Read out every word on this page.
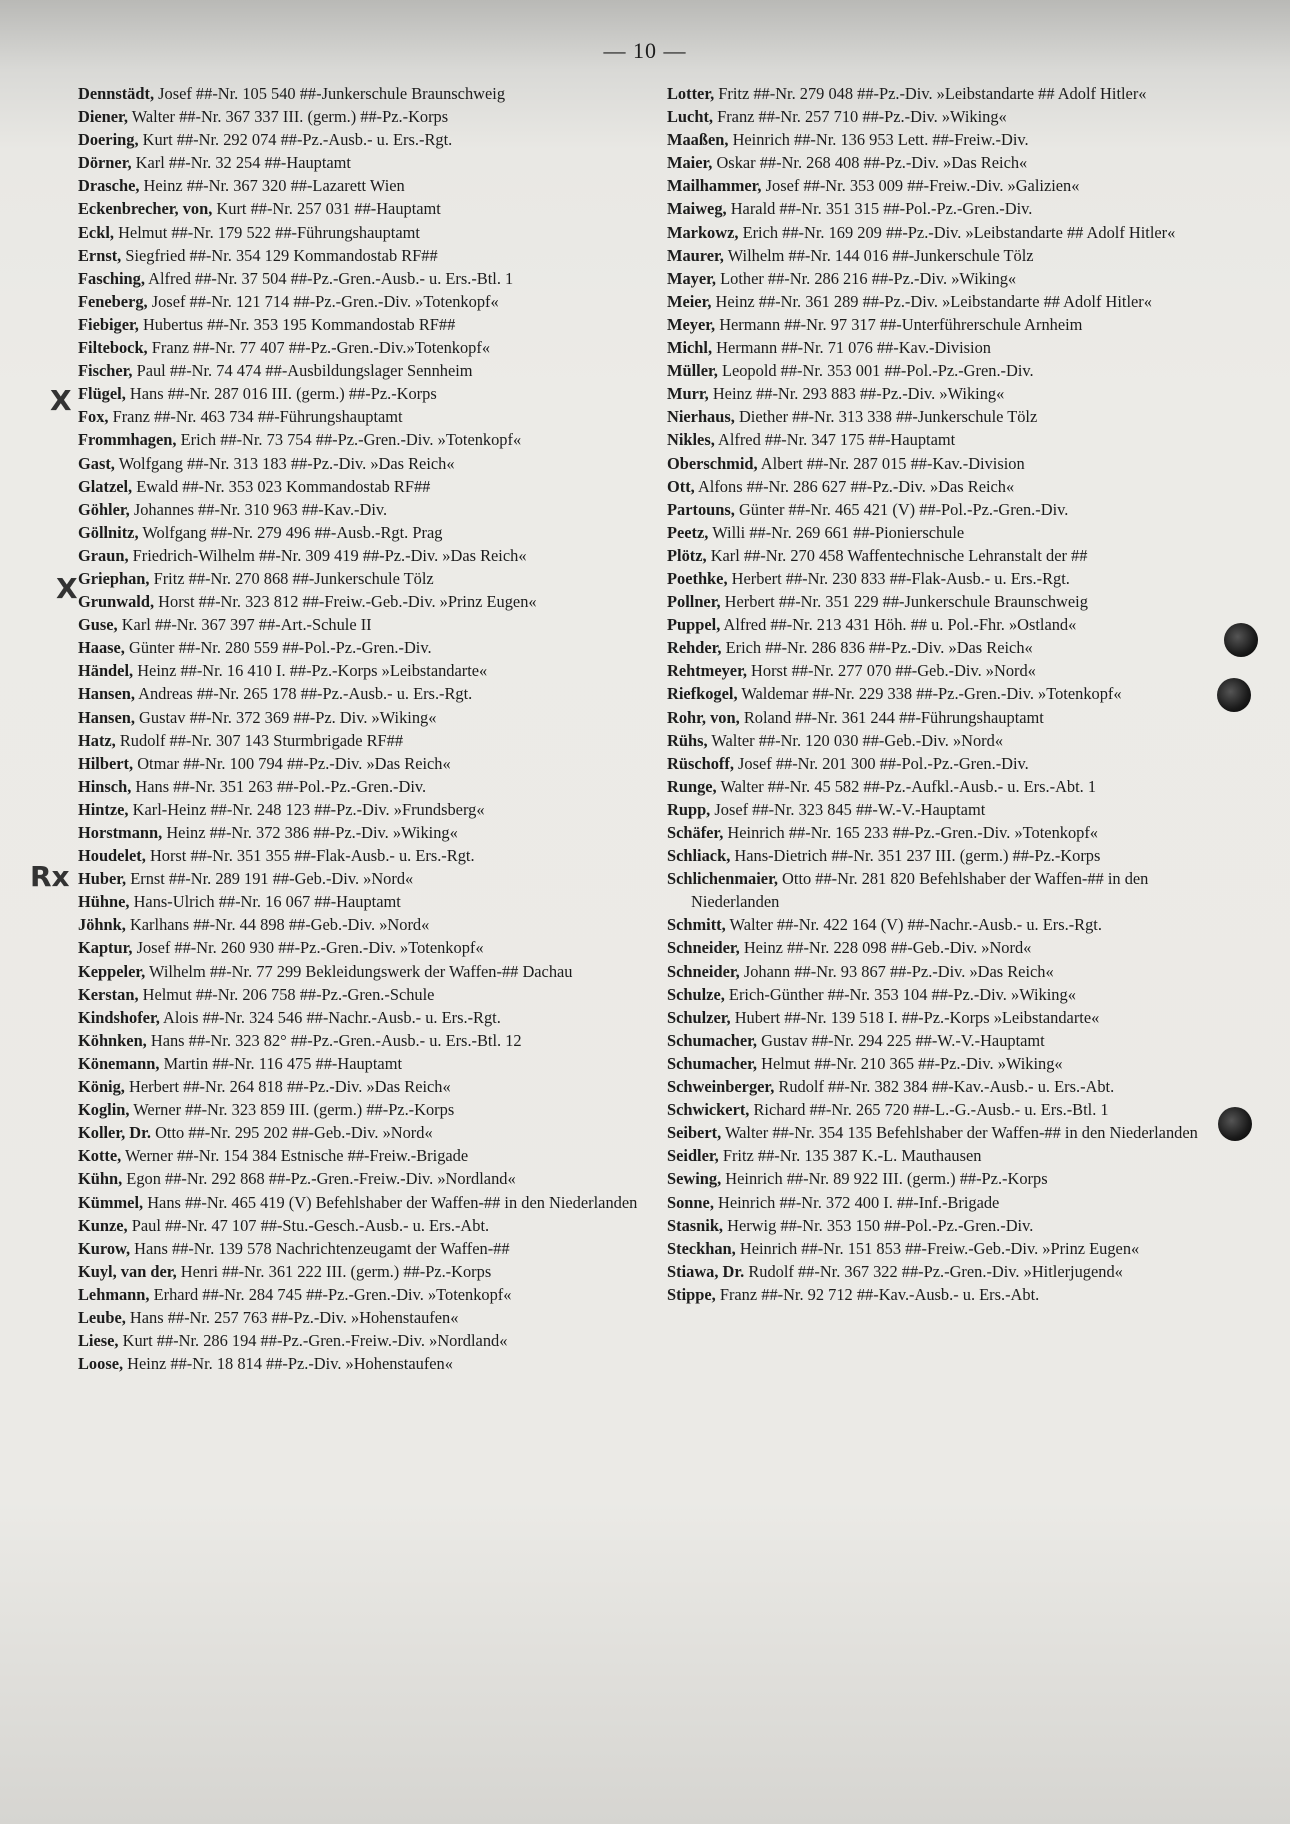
— 10 —
X
X
Rx
Dennstädt, Josef ##-Nr. 105 540 ##-Junkerschule Braunschweig
Diener, Walter ##-Nr. 367 337 III. (germ.) ##-Pz.-Korps
Doering, Kurt ##-Nr. 292 074 ##-Pz.-Ausb.- u. Ers.-Rgt.
Dörner, Karl ##-Nr. 32 254 ##-Hauptamt
Drasche, Heinz ##-Nr. 367 320 ##-Lazarett Wien
Eckenbrecher, von, Kurt ##-Nr. 257 031 ##-Hauptamt
Eckl, Helmut ##-Nr. 179 522 ##-Führungshauptamt
Ernst, Siegfried ##-Nr. 354 129 Kommandostab RF##
Fasching, Alfred ##-Nr. 37 504 ##-Pz.-Gren.-Ausb.- u. Ers.-Btl. 1
Feneberg, Josef ##-Nr. 121 714 ##-Pz.-Gren.-Div. »Totenkopf«
Fiebiger, Hubertus ##-Nr. 353 195 Kommandostab RF##
Filtebock, Franz ##-Nr. 77 407 ##-Pz.-Gren.-Div.»Totenkopf«
Fischer, Paul ##-Nr. 74 474 ##-Ausbildungslager Sennheim
Flügel, Hans ##-Nr. 287 016 III. (germ.) ##-Pz.-Korps
Fox, Franz ##-Nr. 463 734 ##-Führungshauptamt
Frommhagen, Erich ##-Nr. 73 754 ##-Pz.-Gren.-Div. »Totenkopf«
Gast, Wolfgang ##-Nr. 313 183 ##-Pz.-Div. »Das Reich«
Glatzel, Ewald ##-Nr. 353 023 Kommandostab RF##
Göhler, Johannes ##-Nr. 310 963 ##-Kav.-Div.
Göllnitz, Wolfgang ##-Nr. 279 496 ##-Ausb.-Rgt. Prag
Graun, Friedrich-Wilhelm ##-Nr. 309 419 ##-Pz.-Div. »Das Reich«
Griephan, Fritz ##-Nr. 270 868 ##-Junkerschule Tölz
Grunwald, Horst ##-Nr. 323 812 ##-Freiw.-Geb.-Div. »Prinz Eugen«
Guse, Karl ##-Nr. 367 397 ##-Art.-Schule II
Haase, Günter ##-Nr. 280 559 ##-Pol.-Pz.-Gren.-Div.
Händel, Heinz ##-Nr. 16 410 I. ##-Pz.-Korps »Leibstandarte«
Hansen, Andreas ##-Nr. 265 178 ##-Pz.-Ausb.- u. Ers.-Rgt.
Hansen, Gustav ##-Nr. 372 369 ##-Pz. Div. »Wiking«
Hatz, Rudolf ##-Nr. 307 143 Sturmbrigade RF##
Hilbert, Otmar ##-Nr. 100 794 ##-Pz.-Div. »Das Reich«
Hinsch, Hans ##-Nr. 351 263 ##-Pol.-Pz.-Gren.-Div.
Hintze, Karl-Heinz ##-Nr. 248 123 ##-Pz.-Div. »Frundsberg«
Horstmann, Heinz ##-Nr. 372 386 ##-Pz.-Div. »Wiking«
Houdelet, Horst ##-Nr. 351 355 ##-Flak-Ausb.- u. Ers.-Rgt.
Huber, Ernst ##-Nr. 289 191 ##-Geb.-Div. »Nord«
Hühne, Hans-Ulrich ##-Nr. 16 067 ##-Hauptamt
Jöhnk, Karlhans ##-Nr. 44 898 ##-Geb.-Div. »Nord«
Kaptur, Josef ##-Nr. 260 930 ##-Pz.-Gren.-Div. »Totenkopf«
Keppeler, Wilhelm ##-Nr. 77 299 Bekleidungswerk der Waffen-## Dachau
Kerstan, Helmut ##-Nr. 206 758 ##-Pz.-Gren.-Schule
Kindshofer, Alois ##-Nr. 324 546 ##-Nachr.-Ausb.- u. Ers.-Rgt.
Köhnken, Hans ##-Nr. 323 82° ##-Pz.-Gren.-Ausb.- u. Ers.-Btl. 12
Könemann, Martin ##-Nr. 116 475 ##-Hauptamt
König, Herbert ##-Nr. 264 818 ##-Pz.-Div. »Das Reich«
Koglin, Werner ##-Nr. 323 859 III. (germ.) ##-Pz.-Korps
Koller, Dr. Otto ##-Nr. 295 202 ##-Geb.-Div. »Nord«
Kotte, Werner ##-Nr. 154 384 Estnische ##-Freiw.-Brigade
Kühn, Egon ##-Nr. 292 868 ##-Pz.-Gren.-Freiw.-Div. »Nordland«
Kümmel, Hans ##-Nr. 465 419 (V) Befehlshaber der Waffen-## in den Niederlanden
Kunze, Paul ##-Nr. 47 107 ##-Stu.-Gesch.-Ausb.- u. Ers.-Abt.
Kurow, Hans ##-Nr. 139 578 Nachrichtenzeugamt der Waffen-##
Kuyl, van der, Henri ##-Nr. 361 222 III. (germ.) ##-Pz.-Korps
Lehmann, Erhard ##-Nr. 284 745 ##-Pz.-Gren.-Div. »Totenkopf«
Leube, Hans ##-Nr. 257 763 ##-Pz.-Div. »Hohenstaufen«
Liese, Kurt ##-Nr. 286 194 ##-Pz.-Gren.-Freiw.-Div. »Nordland«
Loose, Heinz ##-Nr. 18 814 ##-Pz.-Div. »Hohenstaufen«
Lotter, Fritz ##-Nr. 279 048 ##-Pz.-Div. »Leibstandarte ## Adolf Hitler«
Lucht, Franz ##-Nr. 257 710 ##-Pz.-Div. »Wiking«
Maaßen, Heinrich ##-Nr. 136 953 Lett. ##-Freiw.-Div.
Maier, Oskar ##-Nr. 268 408 ##-Pz.-Div. »Das Reich«
Mailhammer, Josef ##-Nr. 353 009 ##-Freiw.-Div. »Galizien«
Maiweg, Harald ##-Nr. 351 315 ##-Pol.-Pz.-Gren.-Div.
Markowz, Erich ##-Nr. 169 209 ##-Pz.-Div. »Leibstandarte ## Adolf Hitler«
Maurer, Wilhelm ##-Nr. 144 016 ##-Junkerschule Tölz
Mayer, Lother ##-Nr. 286 216 ##-Pz.-Div. »Wiking«
Meier, Heinz ##-Nr. 361 289 ##-Pz.-Div. »Leibstandarte ## Adolf Hitler«
Meyer, Hermann ##-Nr. 97 317 ##-Unterführerschule Arnheim
Michl, Hermann ##-Nr. 71 076 ##-Kav.-Division
Müller, Leopold ##-Nr. 353 001 ##-Pol.-Pz.-Gren.-Div.
Murr, Heinz ##-Nr. 293 883 ##-Pz.-Div. »Wiking«
Nierhaus, Diether ##-Nr. 313 338 ##-Junkerschule Tölz
Nikles, Alfred ##-Nr. 347 175 ##-Hauptamt
Oberschmid, Albert ##-Nr. 287 015 ##-Kav.-Division
Ott, Alfons ##-Nr. 286 627 ##-Pz.-Div. »Das Reich«
Partouns, Günter ##-Nr. 465 421 (V) ##-Pol.-Pz.-Gren.-Div.
Peetz, Willi ##-Nr. 269 661 ##-Pionierschule
Plötz, Karl ##-Nr. 270 458 Waffentechnische Lehranstalt der ##
Poethke, Herbert ##-Nr. 230 833 ##-Flak-Ausb.- u. Ers.-Rgt.
Pollner, Herbert ##-Nr. 351 229 ##-Junkerschule Braunschweig
Puppel, Alfred ##-Nr. 213 431 Höh. ## u. Pol.-Fhr. »Ostland«
Rehder, Erich ##-Nr. 286 836 ##-Pz.-Div. »Das Reich«
Rehtmeyer, Horst ##-Nr. 277 070 ##-Geb.-Div. »Nord«
Riefkogel, Waldemar ##-Nr. 229 338 ##-Pz.-Gren.-Div. »Totenkopf«
Rohr, von, Roland ##-Nr. 361 244 ##-Führungshauptamt
Rühs, Walter ##-Nr. 120 030 ##-Geb.-Div. »Nord«
Rüschoff, Josef ##-Nr. 201 300 ##-Pol.-Pz.-Gren.-Div.
Runge, Walter ##-Nr. 45 582 ##-Pz.-Aufkl.-Ausb.- u. Ers.-Abt. 1
Rupp, Josef ##-Nr. 323 845 ##-W.-V.-Hauptamt
Schäfer, Heinrich ##-Nr. 165 233 ##-Pz.-Gren.-Div. »Totenkopf«
Schliack, Hans-Dietrich ##-Nr. 351 237 III. (germ.) ##-Pz.-Korps
Schlichenmaier, Otto ##-Nr. 281 820 Befehlshaber der Waffen-## in den Niederlanden
Schmitt, Walter ##-Nr. 422 164 (V) ##-Nachr.-Ausb.- u. Ers.-Rgt.
Schneider, Heinz ##-Nr. 228 098 ##-Geb.-Div. »Nord«
Schneider, Johann ##-Nr. 93 867 ##-Pz.-Div. »Das Reich«
Schulze, Erich-Günther ##-Nr. 353 104 ##-Pz.-Div. »Wiking«
Schulzer, Hubert ##-Nr. 139 518 I. ##-Pz.-Korps »Leibstandarte«
Schumacher, Gustav ##-Nr. 294 225 ##-W.-V.-Hauptamt
Schumacher, Helmut ##-Nr. 210 365 ##-Pz.-Div. »Wiking«
Schweinberger, Rudolf ##-Nr. 382 384 ##-Kav.-Ausb.- u. Ers.-Abt.
Schwickert, Richard ##-Nr. 265 720 ##-L.-G.-Ausb.- u. Ers.-Btl. 1
Seibert, Walter ##-Nr. 354 135 Befehlshaber der Waffen-## in den Niederlanden
Seidler, Fritz ##-Nr. 135 387 K.-L. Mauthausen
Sewing, Heinrich ##-Nr. 89 922 III. (germ.) ##-Pz.-Korps
Sonne, Heinrich ##-Nr. 372 400 I. ##-Inf.-Brigade
Stasnik, Herwig ##-Nr. 353 150 ##-Pol.-Pz.-Gren.-Div.
Steckhan, Heinrich ##-Nr. 151 853 ##-Freiw.-Geb.-Div. »Prinz Eugen«
Stiawa, Dr. Rudolf ##-Nr. 367 322 ##-Pz.-Gren.-Div. »Hitlerjugend«
Stippe, Franz ##-Nr. 92 712 ##-Kav.-Ausb.- u. Ers.-Abt.
